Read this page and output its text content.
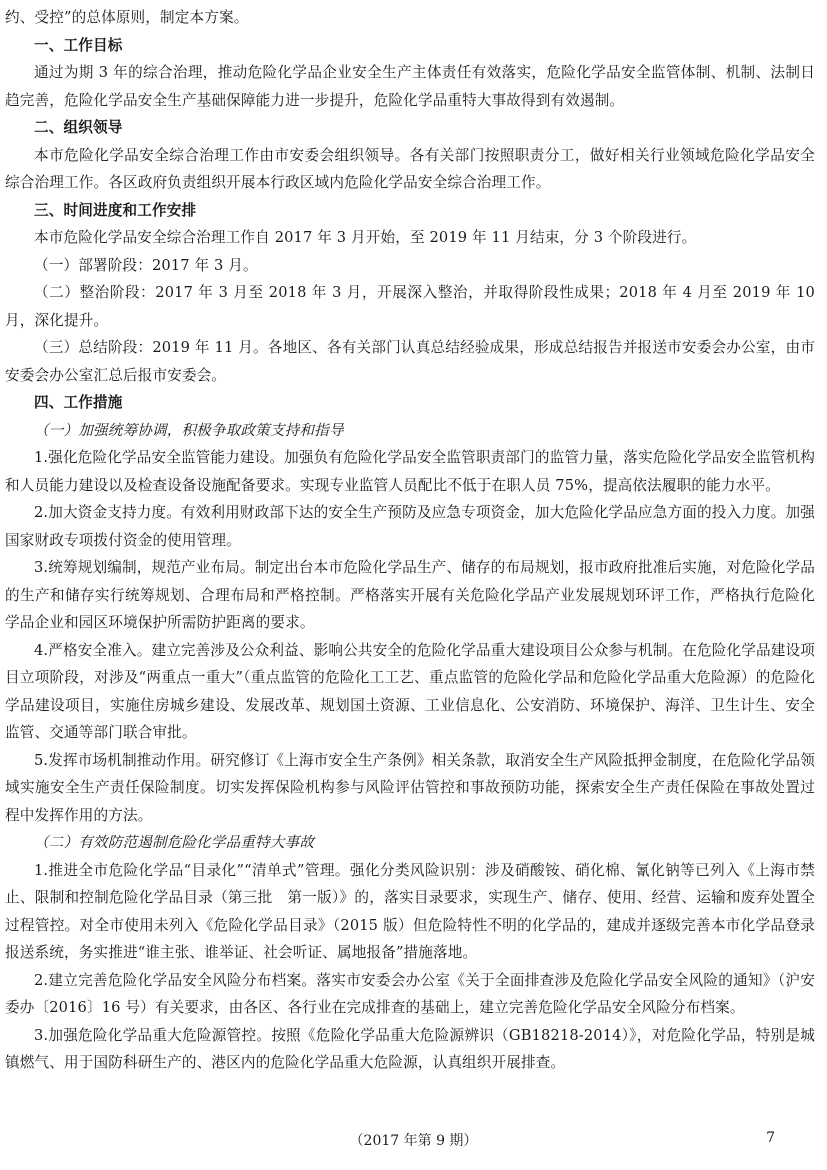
约、受控”的总体原则，制定本方案。

一、工作目标

通过为期 3 年的综合治理，推动危险化学品企业安全生产主体责任有效落实，危险化学品安全监管体制、机制、法制日趋完善，危险化学品安全生产基础保障能力进一步提升，危险化学品重特大事故得到有效遏制。

二、组织领导

本市危险化学品安全综合治理工作由市安委会组织领导。各有关部门按照职责分工，做好相关行业领域危险化学品安全综合治理工作。各区政府负责组织开展本行政区域内危险化学品安全综合治理工作。

三、时间进度和工作安排

本市危险化学品安全综合治理工作自 2017 年 3 月开始，至 2019 年 11 月结束，分 3 个阶段进行。

（一）部署阶段：2017 年 3 月。

（二）整治阶段：2017 年 3 月至 2018 年 3 月，开展深入整治，并取得阶段性成果；2018 年 4 月至 2019 年 10 月，深化提升。

（三）总结阶段：2019 年 11 月。各地区、各有关部门认真总结经验成果，形成总结报告并报送市安委会办公室，由市安委会办公室汇总后报市安委会。

四、工作措施

（一）加强统筹协调，积极争取政策支持和指导

1.强化危险化学品安全监管能力建设。加强负有危险化学品安全监管职责部门的监管力量，落实危险化学品安全监管机构和人员能力建设以及检查设备设施配备要求。实现专业监管人员配比不低于在职人员 75%，提高依法履职的能力水平。

2.加大资金支持力度。有效利用财政部下达的安全生产预防及应急专项资金，加大危险化学品应急方面的投入力度。加强国家财政专项拨付资金的使用管理。

3.统筹规划编制，规范产业布局。制定出台本市危险化学品生产、储存的布局规划，报市政府批准后实施，对危险化学品的生产和储存实行统筹规划、合理布局和严格控制。严格落实开展有关危险化学品产业发展规划环评工作，严格执行危险化学品企业和园区环境保护所需防护距离的要求。

4.严格安全准入。建立完善涉及公众利益、影响公共安全的危险化学品重大建设项目公众参与机制。在危险化学品建设项目立项阶段，对涉及“两重点一重大”（重点监管的危险化工工艺、重点监管的危险化学品和危险化学品重大危险源）的危险化学品建设项目，实施住房城乡建设、发展改革、规划国土资源、工业信息化、公安消防、环境保护、海洋、卫生计生、安全监管、交通等部门联合审批。

5.发挥市场机制推动作用。研究修订《上海市安全生产条例》相关条款，取消安全生产风险抵押金制度，在危险化学品领域实施安全生产责任保险制度。切实发挥保险机构参与风险评估管控和事故预防功能，探索安全生产责任保险在事故处置过程中发挥作用的方法。

（二）有效防范遏制危险化学品重特大事故

1.推进全市危险化学品“目录化”“清单式”管理。强化分类风险识别：涉及硝酸铵、硝化棉、氰化钠等已列入《上海市禁止、限制和控制危险化学品目录（第三批　第一版）》的，落实目录要求，实现生产、储存、使用、经营、运输和废弃处置全过程管控。对全市使用未列入《危险化学品目录》（2015 版）但危险特性不明的化学品的，建成并逐级完善本市化学品登录报送系统，务实推进“谁主张、谁举证、社会听证、属地报备”措施落地。

2.建立完善危险化学品安全风险分布档案。落实市安委会办公室《关于全面排查涉及危险化学品安全风险的通知》（沪安委办〔2016〕16 号）有关要求，由各区、各行业在完成排查的基础上，建立完善危险化学品安全风险分布档案。

3.加强危险化学品重大危险源管控。按照《危险化学品重大危险源辨识（GB18218-2014）》，对危险化学品，特别是城镇燃气、用于国防科研生产的、港区内的危险化学品重大危险源，认真组织开展排查。

（2017 年第 9 期）	7
